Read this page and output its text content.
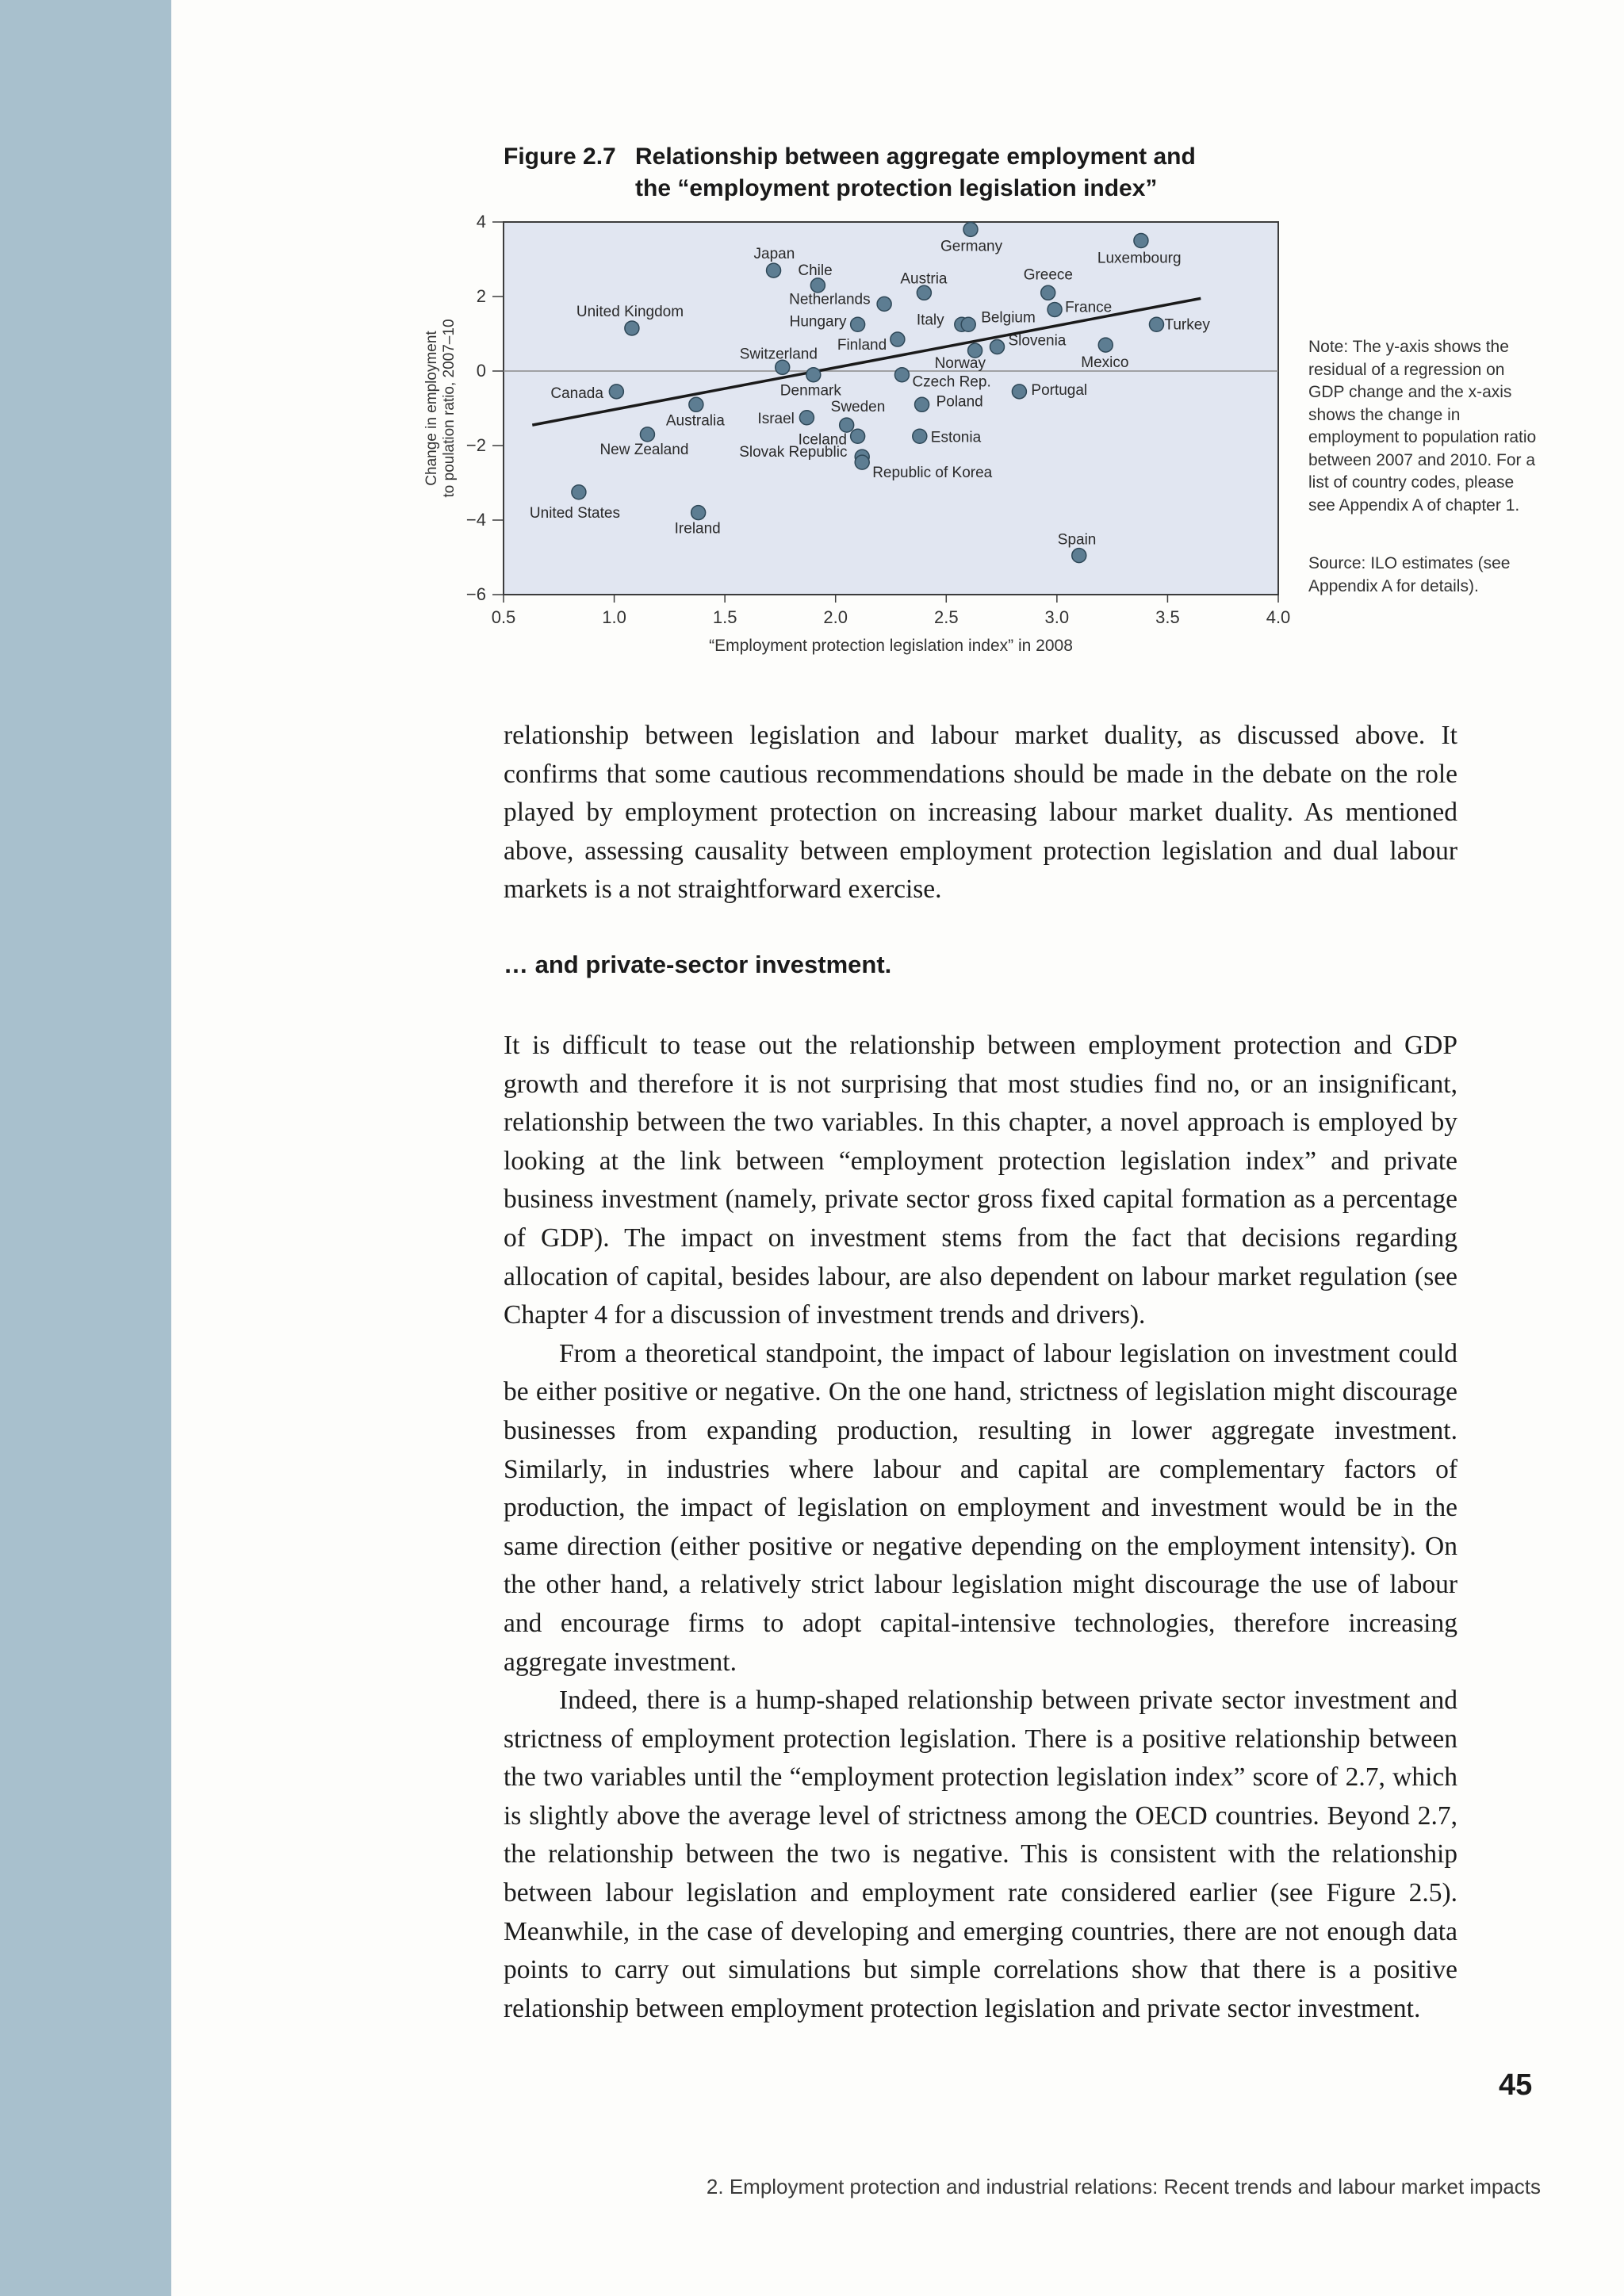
Figure 2.7 Relationship between aggregate employment and
the “employment protection legislation index”
0.5	1.0	1.5	2.0	2.5	3.0	3.5	4.0
4
2
0
−2
−4
−6
“Employment protection legislation index” in 2008
Change in employment to poulation ratio, 2007–10
Germany
Luxembourg
Japan
Chile	Austria	Greece
Netherlands	France
United Kingdom
Hungary	Italy Belgium	Turkey
Finland	Slovenia
Mexico
Switzerland
Norway
Denmark
Czech Rep.
Canada	Portugal
Australia
Poland
Sweden
Israel
New Zealand
Iceland	Estonia
Slovak Republic
Republic of Korea
United States
Ireland
Spain
Note: The y-axis shows the residual of a regression on GDP change and the x-axis shows the change in employment to population ratio between 2007 and 2010. For a list of country codes, please see Appendix A of chapter 1.
Source: ILO estimates (see Appendix A for details).

relationship between legislation and labour market duality, as discussed above. It confirms that some cautious recommendations should be made in the debate on the role played by employment protection on increasing labour market duality. As mentioned above, assessing causality between employment protection legislation and dual labour markets is a not straightforward exercise.

… and private-sector investment.

It is difficult to tease out the relationship between employment protection and GDP growth and therefore it is not surprising that most studies find no, or an insignificant, relationship between the two variables. In this chapter, a novel approach is employed by looking at the link between “employment protection legislation index” and private business investment (namely, private sector gross fixed capital formation as a percentage of GDP). The impact on investment stems from the fact that decisions regarding allocation of capital, besides labour, are also dependent on labour market regulation (see Chapter 4 for a discussion of investment trends and drivers).

From a theoretical standpoint, the impact of labour legislation on investment could be either positive or negative. On the one hand, strictness of legislation might discourage businesses from expanding production, resulting in lower aggregate investment. Similarly, in industries where labour and capital are complementary factors of production, the impact of legislation on employment and investment would be in the same direction (either positive or negative depending on the employment intensity). On the other hand, a relatively strict labour legislation might discourage the use of labour and encourage firms to adopt capital-intensive technologies, therefore increasing aggregate investment.

Indeed, there is a hump-shaped relationship between private sector investment and strictness of employment protection legislation. There is a positive relationship between the two variables until the “employment protection legislation index” score of 2.7, which is slightly above the average level of strictness among the OECD countries. Beyond 2.7, the relationship between the two is negative. This is consistent with the relationship between labour legislation and employment rate considered earlier (see Figure 2.5). Meanwhile, in the case of developing and emerging countries, there are not enough data points to carry out simulations but simple correlations show that there is a positive relationship between employment protection legislation and private sector investment.

45
2. Employment protection and industrial relations: Recent trends and labour market impacts
